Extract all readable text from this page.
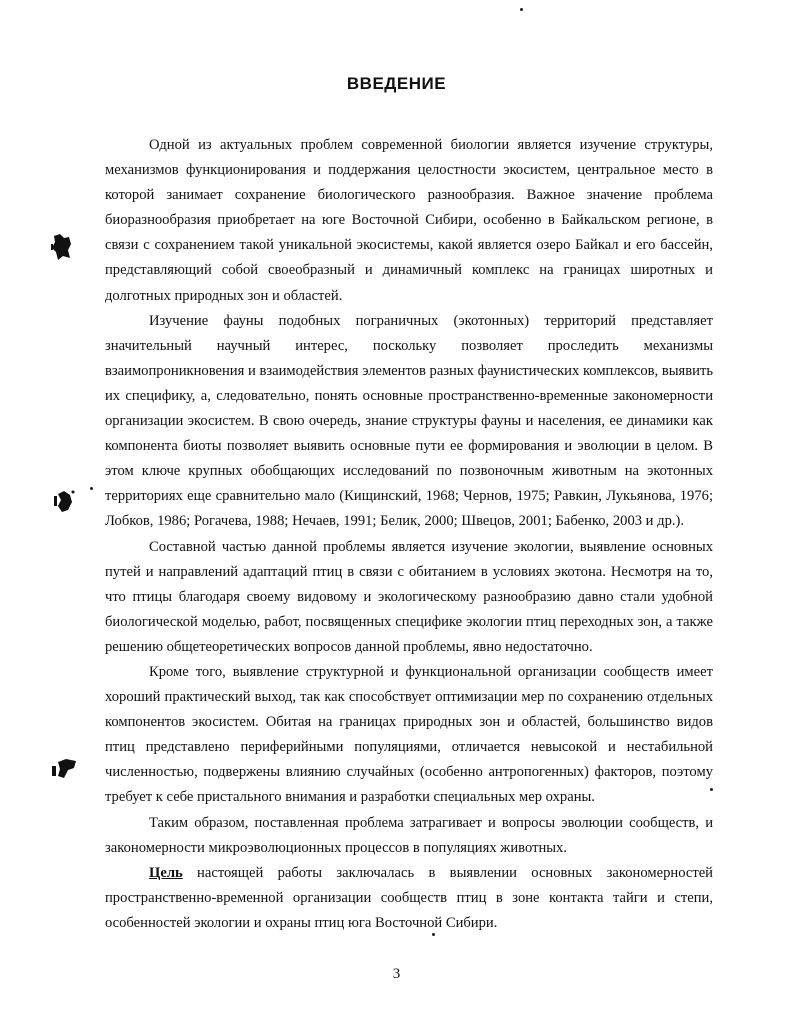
ВВЕДЕНИЕ

Одной из актуальных проблем современной биологии является изучение структуры, механизмов функционирования и поддержания целостности экосистем, центральное место в которой занимает сохранение биологического разнообразия. Важное значение проблема биоразнообразия приобретает на юге Восточной Сибири, особенно в Байкальском регионе, в связи с сохранением такой уникальной экосистемы, какой является озеро Байкал и его бассейн, представляющий собой своеобразный и динамичный комплекс на границах широтных и долготных природных зон и областей.

Изучение фауны подобных пограничных (экотонных) территорий представляет значительный научный интерес, поскольку позволяет проследить механизмы взаимопроникновения и взаимодействия элементов разных фаунистических комплексов, выявить их специфику, а, следовательно, понять основные пространственно-временные закономерности организации экосистем. В свою очередь, знание структуры фауны и населения, ее динамики как компонента биоты позволяет выявить основные пути ее формирования и эволюции в целом. В этом ключе крупных обобщающих исследований по позвоночным животным на экотонных территориях еще сравнительно мало (Кищинский, 1968; Чернов, 1975; Равкин, Лукьянова, 1976; Лобков, 1986; Рогачева, 1988; Нечаев, 1991; Белик, 2000; Швецов, 2001; Бабенко, 2003 и др.).

Составной частью данной проблемы является изучение экологии, выявление основных путей и направлений адаптаций птиц в связи с обитанием в условиях экотона. Несмотря на то, что птицы благодаря своему видовому и экологическому разнообразию давно стали удобной биологической моделью, работ, посвященных специфике экологии птиц переходных зон, а также решению общетеоретических вопросов данной проблемы, явно недостаточно.

Кроме того, выявление структурной и функциональной организации сообществ имеет хороший практический выход, так как способствует оптимизации мер по сохранению отдельных компонентов экосистем. Обитая на границах природных зон и областей, большинство видов птиц представлено периферийными популяциями, отличается невысокой и нестабильной численностью, подвержены влиянию случайных (особенно антропогенных) факторов, поэтому требует к себе пристального внимания и разработки специальных мер охраны.

Таким образом, поставленная проблема затрагивает и вопросы эволюции сообществ, и закономерности микроэволюционных процессов в популяциях животных.

Цель настоящей работы заключалась в выявлении основных закономерностей пространственно-временной организации сообществ птиц в зоне контакта тайги и степи, особенностей экологии и охраны птиц юга Восточной Сибири.

3
